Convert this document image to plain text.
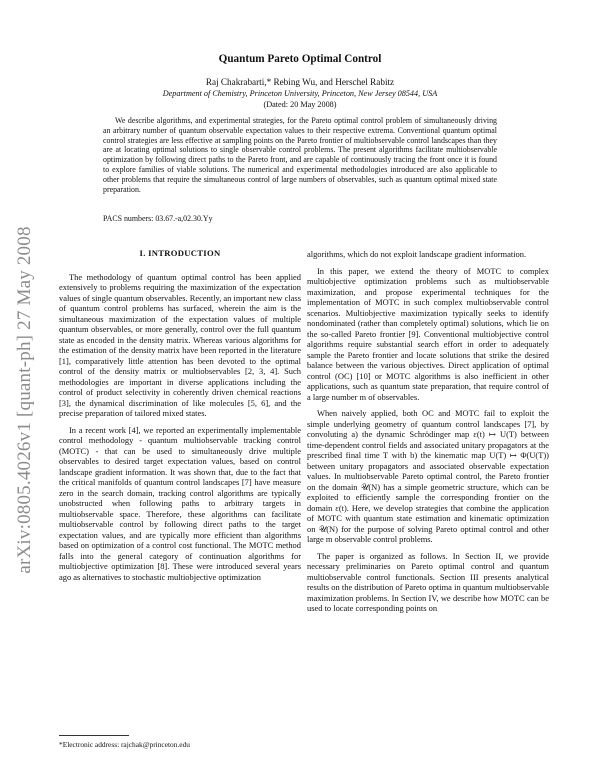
arXiv:0805.4026v1 [quant-ph] 27 May 2008
Quantum Pareto Optimal Control
Raj Chakrabarti,* Rebing Wu, and Herschel Rabitz
Department of Chemistry, Princeton University, Princeton, New Jersey 08544, USA
(Dated: 20 May 2008)
We describe algorithms, and experimental strategies, for the Pareto optimal control problem of simultaneously driving an arbitrary number of quantum observable expectation values to their respective extrema. Conventional quantum optimal control strategies are less effective at sampling points on the Pareto frontier of multiobservable control landscapes than they are at locating optimal solutions to single observable control problems. The present algorithms facilitate multiobservable optimization by following direct paths to the Pareto front, and are capable of continuously tracing the front once it is found to explore families of viable solutions. The numerical and experimental methodologies introduced are also applicable to other problems that require the simultaneous control of large numbers of observables, such as quantum optimal mixed state preparation.
PACS numbers: 03.67.-a,02.30.Yy
I. INTRODUCTION

The methodology of quantum optimal control has been applied extensively to problems requiring the maximization of the expectation values of single quantum observables. Recently, an important new class of quantum control problems has surfaced, wherein the aim is the simultaneous maximization of the expectation values of multiple quantum observables, or more generally, control over the full quantum state as encoded in the density matrix. Whereas various algorithms for the estimation of the density matrix have been reported in the literature [1], comparatively little attention has been devoted to the optimal control of the density matrix or multiobservables [2, 3, 4]. Such methodologies are important in diverse applications including the control of product selectivity in coherently driven chemical reactions [3], the dynamical discrimination of like molecules [5, 6], and the precise preparation of tailored mixed states.

In a recent work [4], we reported an experimentally implementable control methodology - quantum multiobservable tracking control (MOTC) - that can be used to simultaneously drive multiple observables to desired target expectation values, based on control landscape gradient information. It was shown that, due to the fact that the critical manifolds of quantum control landscapes [7] have measure zero in the search domain, tracking control algorithms are typically unobstructed when following paths to arbitrary targets in multiobservable space. Therefore, these algorithms can facilitate multiobservable control by following direct paths to the target expectation values, and are typically more efficient than algorithms based on optimization of a control cost functional. The MOTC method falls into the general category of continuation algorithms for multiobjective optimization [8]. These were introduced several years ago as alternatives to stochastic multiobjective optimization

algorithms, which do not exploit landscape gradient information.

In this paper, we extend the theory of MOTC to complex multiobjective optimization problems such as multiobservable maximization, and propose experimental techniques for the implementation of MOTC in such complex multiobservable control scenarios. Multiobjective maximization typically seeks to identify nondominated (rather than completely optimal) solutions, which lie on the so-called Pareto frontier [9]. Conventional multiobjective control algorithms require substantial search effort in order to adequately sample the Pareto frontier and locate solutions that strike the desired balance between the various objectives. Direct application of optimal control (OC) [10] or MOTC algorithms is also inefficient in other applications, such as quantum state preparation, that require control of a large number m of observables.

When naively applied, both OC and MOTC fail to exploit the simple underlying geometry of quantum control landscapes [7], by convoluting a) the dynamic Schrödinger map ε(t) ↦ U(T) between time-dependent control fields and associated unitary propagators at the prescribed final time T with b) the kinematic map U(T) ↦ Φ(U(T)) between unitary propagators and associated observable expectation values. In multiobservable Pareto optimal control, the Pareto frontier on the domain 𝒰(N) has a simple geometric structure, which can be exploited to efficiently sample the corresponding frontier on the domain ε(t). Here, we develop strategies that combine the application of MOTC with quantum state estimation and kinematic optimization on 𝒰(N) for the purpose of solving Pareto optimal control and other large m observable control problems.

The paper is organized as follows. In Section II, we provide necessary preliminaries on Pareto optimal control and quantum multiobservable control functionals. Section III presents analytical results on the distribution of Pareto optima in quantum multiobservable maximization problems. In Section IV, we describe how MOTC can be used to locate corresponding points on

*Electronic address: rajchak@princeton.edu
